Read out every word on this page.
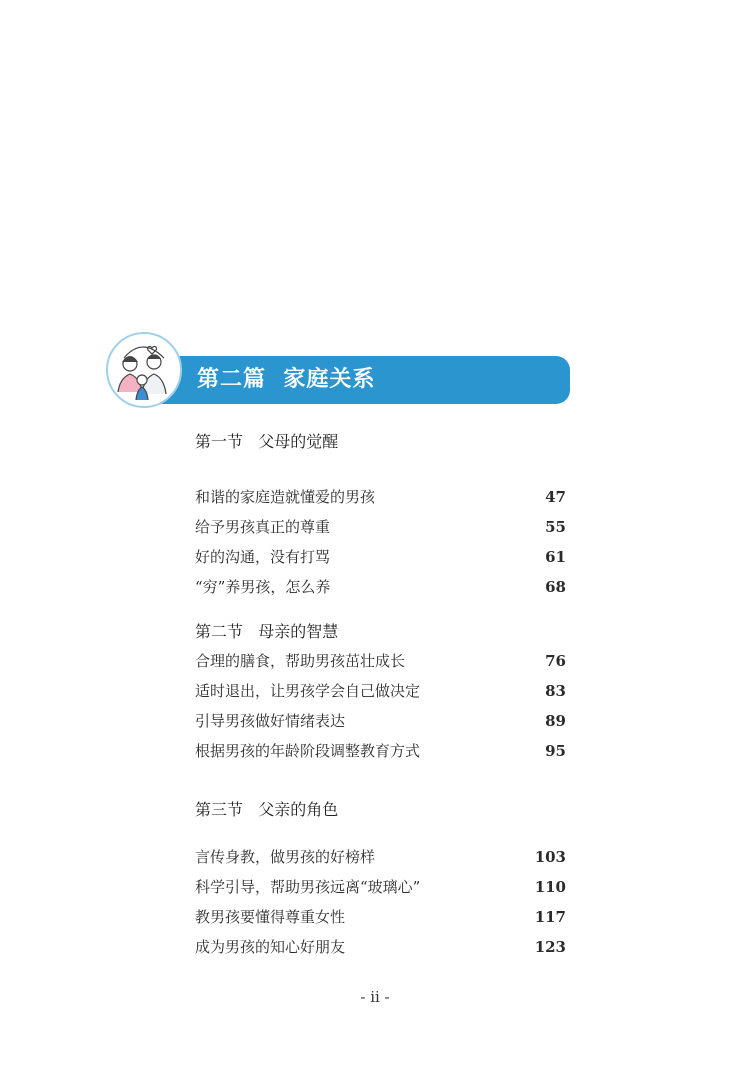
第二篇  家庭关系
第一节   父母的觉醒
和谐的家庭造就懂爱的男孩	47
给予男孩真正的尊重	55
好的沟通，没有打骂	61
“穷”养男孩，怎么养	68
第二节   母亲的智慧
合理的膳食，帮助男孩茁壮成长	76
适时退出，让男孩学会自己做决定	83
引导男孩做好情绪表达	89
根据男孩的年龄阶段调整教育方式	95
第三节   父亲的角色
言传身教，做男孩的好榜样	103
科学引导，帮助男孩远离“玻璃心”	110
教男孩要懂得尊重女性	117
成为男孩的知心好朋友	123
- ii -
